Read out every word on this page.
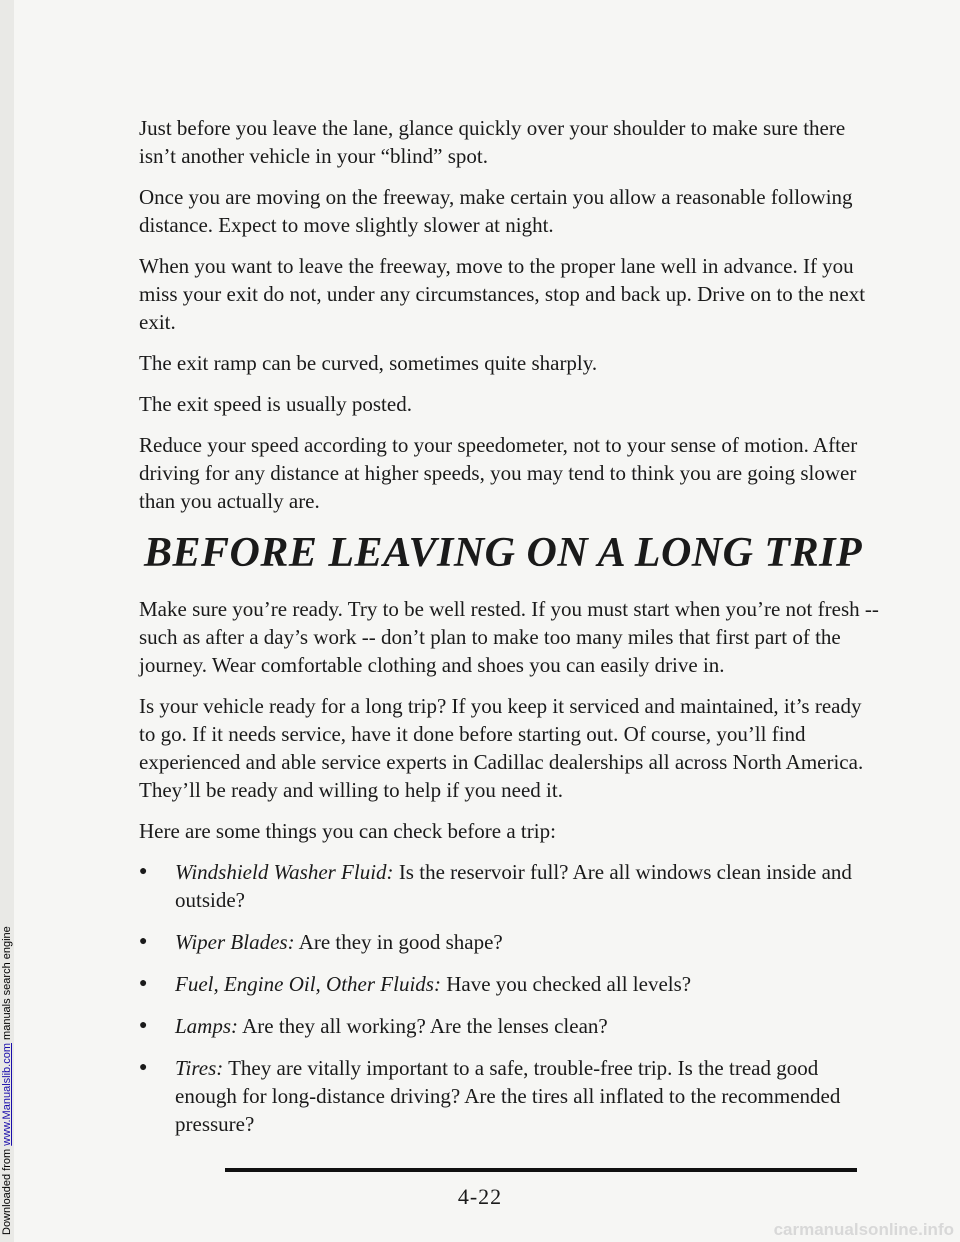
Downloaded from www.Manualslib.com manuals search engine

Just before you leave the lane, glance quickly over your shoulder to make sure there isn’t another vehicle in your “blind” spot.

Once you are moving on the freeway, make certain you allow a reasonable following distance. Expect to move slightly slower at night.

When you want to leave the freeway, move to the proper lane well in advance. If you miss your exit do not, under any circumstances, stop and back up. Drive on to the next exit.

The exit ramp can be curved, sometimes quite sharply.

The exit speed is usually posted.

Reduce your speed according to your speedometer, not to your sense of motion. After driving for any distance at higher speeds, you may tend to think you are going slower than you actually are.

BEFORE LEAVING ON A LONG TRIP

Make sure you’re ready. Try to be well rested. If you must start when you’re not fresh -- such as after a day’s work -- don’t plan to make too many miles that first part of the journey. Wear comfortable clothing and shoes you can easily drive in.

Is your vehicle ready for a long trip? If you keep it serviced and maintained, it’s ready to go. If it needs service, have it done before starting out. Of course, you’ll find experienced and able service experts in Cadillac dealerships all across North America. They’ll be ready and willing to help if you need it.

Here are some things you can check before a trip:

● Windshield Washer Fluid: Is the reservoir full? Are all windows clean inside and outside?
● Wiper Blades: Are they in good shape?
● Fuel, Engine Oil, Other Fluids: Have you checked all levels?
● Lamps: Are they all working? Are the lenses clean?
● Tires: They are vitally important to a safe, trouble-free trip. Is the tread good enough for long-distance driving? Are the tires all inflated to the recommended pressure?
4-22
carmanualsonline.info
